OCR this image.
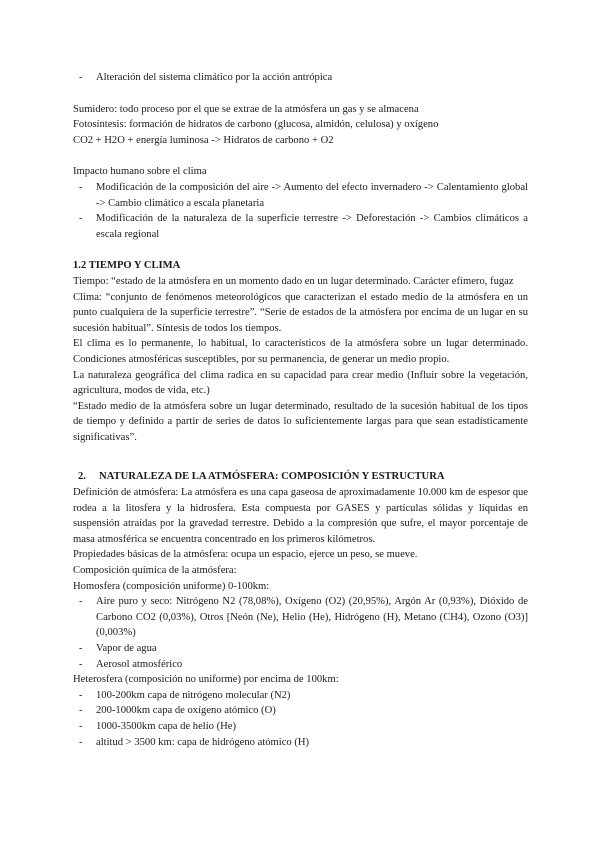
- Alteración del sistema climático por la acción antrópica

Sumidero: todo proceso por el que se extrae de la atmósfera un gas y se almacena

Fotosíntesis: formación de hidratos de carbono (glucosa, almidón, celulosa) y oxígeno

CO2 + H2O + energía luminosa -> Hidratos de carbono + O2

Impacto humano sobre el clima

- Modificación de la composición del aire -> Aumento del efecto invernadero -> Calentamiento global -> Cambio climático a escala planetaria
- Modificación de la naturaleza de la superficie terrestre -> Deforestación -> Cambios climáticos a escala regional
1.2 TIEMPO Y CLIMA

Tiempo: “estado de la atmósfera en un momento dado en un lugar determinado. Carácter efímero, fugaz

Clima: “conjunto de fenómenos meteorológicos que caracterizan el estado medio de la atmósfera en un punto cualquiera de la superficie terrestre”. “Serie de estados de la atmósfera por encima de un lugar en su sucesión habitual”. Síntesis de todos los tiempos.

El clima es lo permanente, lo habitual, lo característicos de la atmósfera sobre un lugar determinado. Condiciones atmosféricas susceptibles, por su permanencia, de generar un medio propio.

La naturaleza geográfica del clima radica en su capacidad para crear medio (Influir sobre la vegetación, agricultura, modos de vida, etc.)

“Estado medio de la atmósfera sobre un lugar determinado, resultado de la sucesión habitual de los tipos de tiempo y definido a partir de series de datos lo suficientemente largas para que sean estadísticamente significativas”.

2. NATURALEZA DE LA ATMÓSFERA: COMPOSICIÓN Y ESTRUCTURA

Definición de atmósfera: La atmósfera es una capa gaseosa de aproximadamente 10.000 km de espesor que rodea a la litosfera y la hidrosfera. Esta compuesta por GASES y partículas sólidas y líquidas en suspensión atraídas por la gravedad terrestre. Debido a la compresión que sufre, el mayor porcentaje de masa atmosférica se encuentra concentrado en los primeros kilómetros.

Propiedades básicas de la atmósfera: ocupa un espacio, ejerce un peso, se mueve.

Composición química de la atmósfera:

Homosfera (composición uniforme) 0-100km:

- Aire puro y seco: Nitrógeno N2 (78,08%), Oxígeno (O2) (20,95%), Argón Ar (0,93%), Dióxido de Carbono CO2 (0,03%), Otros [Neón (Ne), Helio (He), Hidrógeno (H), Metano (CH4), Ozono (O3)] (0,003%)
- Vapor de agua
- Aerosol atmosférico

Heterosfera (composición no uniforme) por encima de 100km:

- 100-200km capa de nitrógeno molecular (N2)
- 200-1000km capa de oxígeno atómico (O)
- 1000-3500km capa de helio (He)
- altitud > 3500 km: capa de hidrógeno atómico (H)
